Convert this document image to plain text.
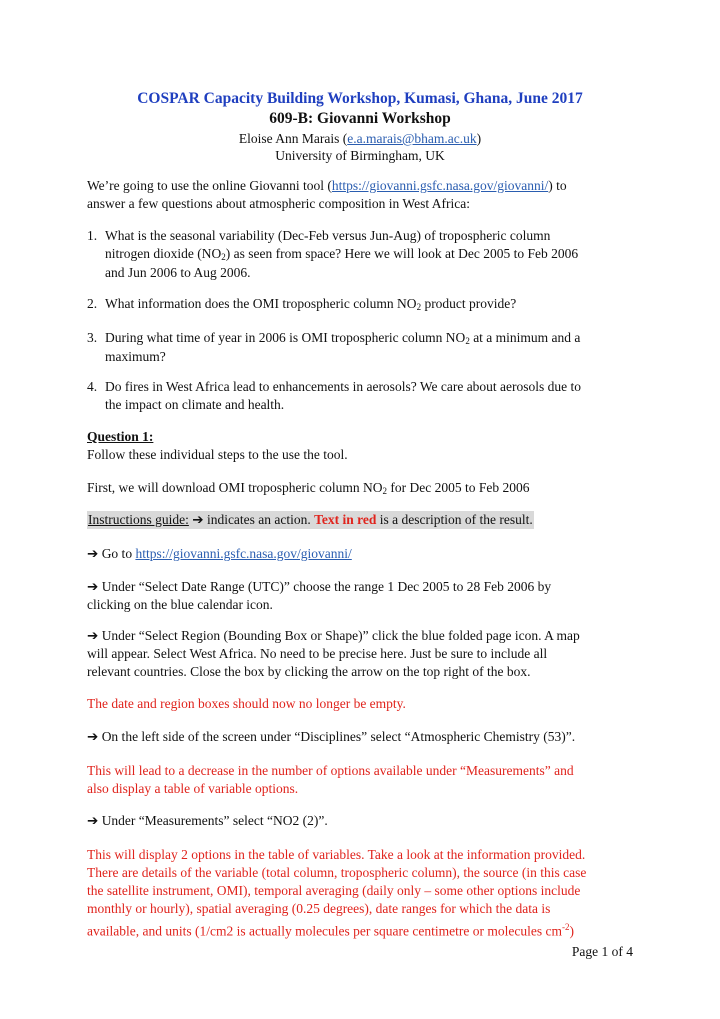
COSPAR Capacity Building Workshop, Kumasi, Ghana, June 2017
609-B: Giovanni Workshop
Eloise Ann Marais (e.a.marais@bham.ac.uk)
University of Birmingham, UK
We’re going to use the online Giovanni tool (https://giovanni.gsfc.nasa.gov/giovanni/) to
answer a few questions about atmospheric composition in West Africa:
1. What is the seasonal variability (Dec-Feb versus Jun-Aug) of tropospheric column
nitrogen dioxide $(NO_2)$ as seen from space? Here we will look at Dec 2005 to Feb 2006
and Jun 2006 to Aug 2006.
2. What information does the OMI tropospheric column $NO_2$ product provide?
3. During what time of year in 2006 is OMI tropospheric column $NO_2$ at a minimum and a
maximum?
4. Do fires in West Africa lead to enhancements in aerosols? We care about aerosols due to
the impact on climate and health.
Question 1:
Follow these individual steps to the use the tool.
First, we will download OMI tropospheric column $NO_2$ for Dec 2005 to Feb 2006
Instructions guide: ➔ indicates an action. Text in red is a description of the result.
➔ Go to https://giovanni.gsfc.nasa.gov/giovanni/
➔ Under “Select Date Range (UTC)” choose the range 1 Dec 2005 to 28 Feb 2006 by
clicking on the blue calendar icon.
➔ Under “Select Region (Bounding Box or Shape)” click the blue folded page icon. A map
will appear. Select West Africa. No need to be precise here. Just be sure to include all
relevant countries. Close the box by clicking the arrow on the top right of the box.
The date and region boxes should now no longer be empty.
➔ On the left side of the screen under “Disciplines” select “Atmospheric Chemistry (53)”.
This will lead to a decrease in the number of options available under “Measurements” and
also display a table of variable options.
➔ Under “Measurements” select “NO2 (2)”.
This will display 2 options in the table of variables. Take a look at the information provided.
There are details of the variable (total column, tropospheric column), the source (in this case
the satellite instrument, OMI), temporal averaging (daily only – some other options include
monthly or hourly), spatial averaging (0.25 degrees), date ranges for which the data is
available, and units (1/cm2 is actually molecules per square centimetre or molecules $cm^{-2}$)
Page 1 of 4
